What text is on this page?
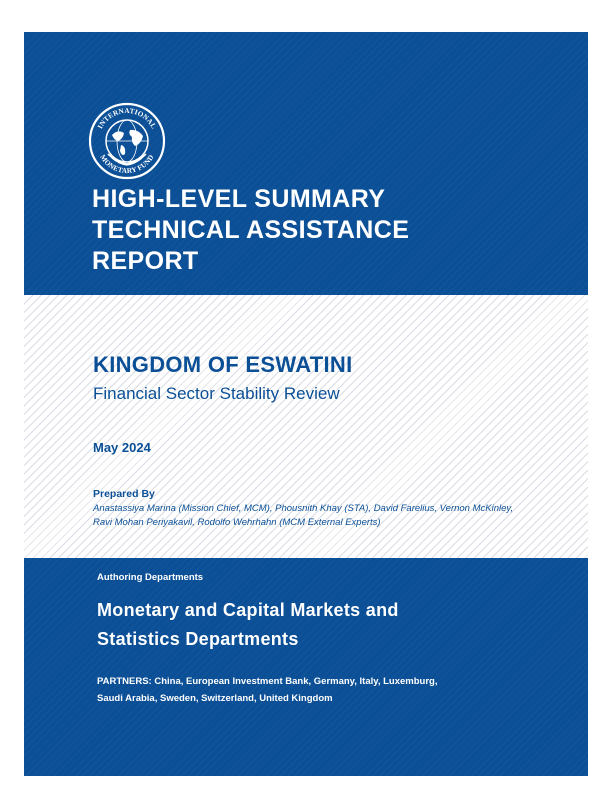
INTERNATIONAL
MONETARY FUND
HIGH-LEVEL SUMMARY
TECHNICAL ASSISTANCE
REPORT
KINGDOM OF ESWATINI
Financial Sector Stability Review
May 2024
Prepared By
Anastassiya Marina (Mission Chief, MCM), Phousnith Khay (STA), David Farelius, Vernon McKinley,
Ravi Mohan Periyakavil, Rodolfo Wehrhahn (MCM External Experts)
Authoring Departments
Monetary and Capital Markets and
Statistics Departments
PARTNERS: China, European Investment Bank, Germany, Italy, Luxemburg,
Saudi Arabia, Sweden, Switzerland, United Kingdom
